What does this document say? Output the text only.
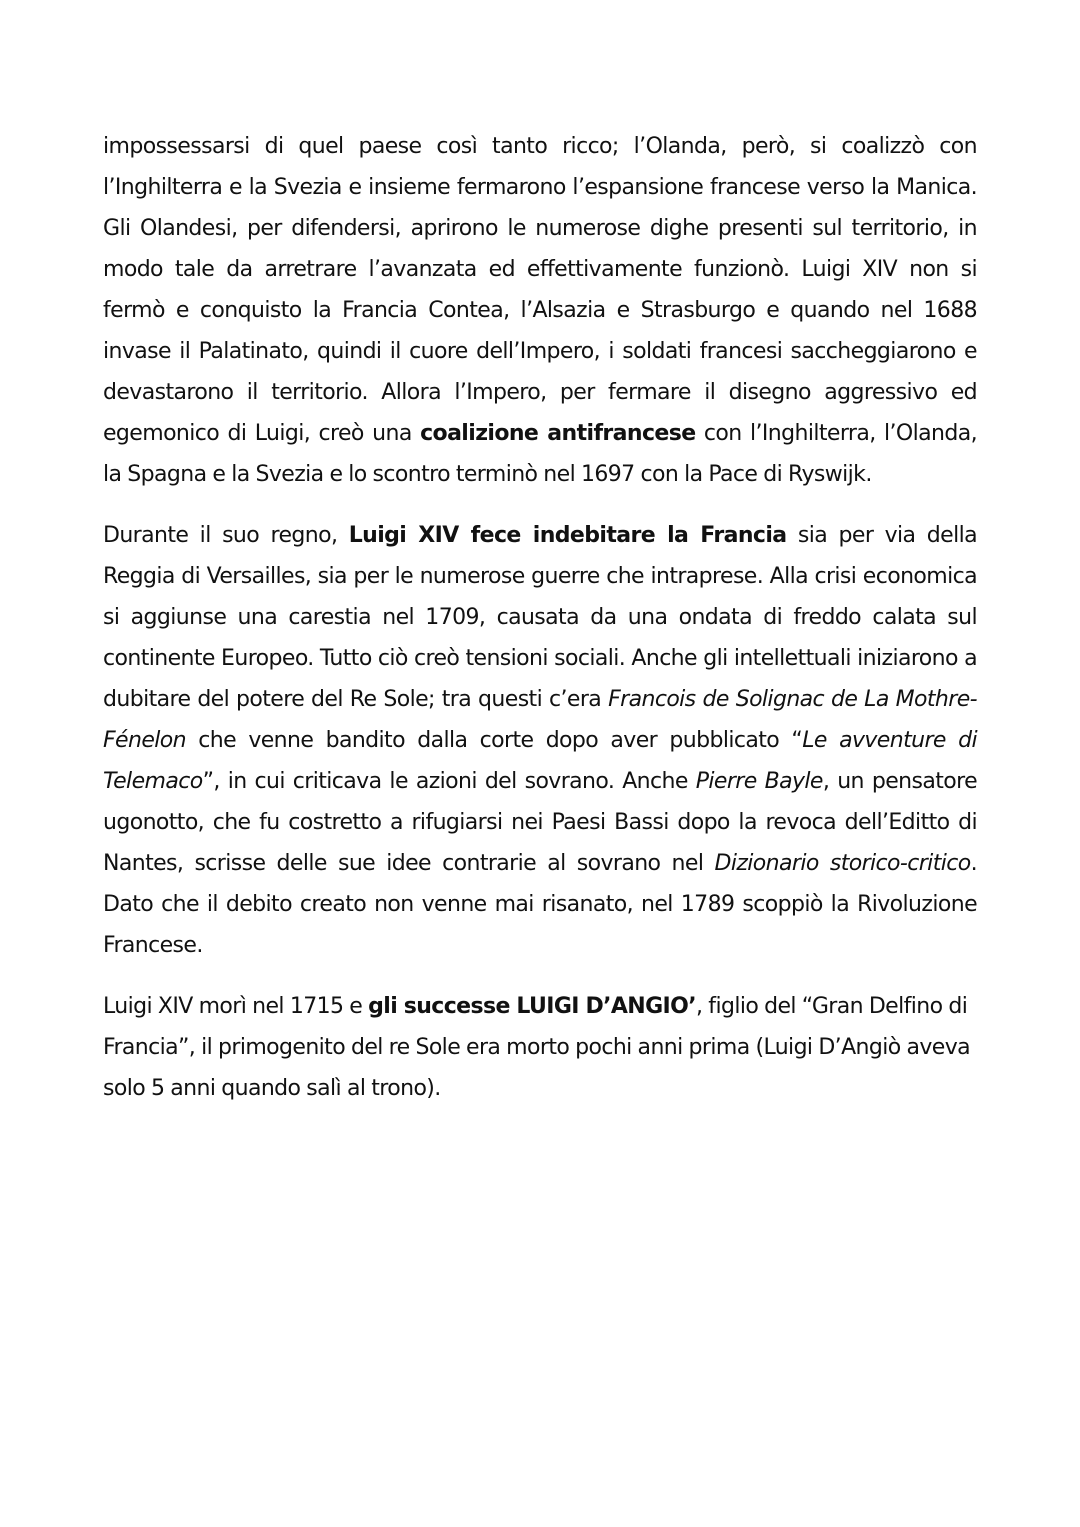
impossessarsi di quel paese così tanto ricco; l’Olanda, però, si coalizzò con l’Inghilterra e la Svezia e insieme fermarono l’espansione francese verso la Manica. Gli Olandesi, per difendersi, aprirono le numerose dighe presenti sul territorio, in modo tale da arretrare l’avanzata ed effettivamente funzionò. Luigi XIV non si fermò e conquisto la Francia Contea, l’Alsazia e Strasburgo e quando nel 1688 invase il Palatinato, quindi il cuore dell’Impero, i soldati francesi saccheggiarono e devastarono il territorio. Allora l’Impero, per fermare il disegno aggressivo ed egemonico di Luigi, creò una coalizione antifrancese con l’Inghilterra, l’Olanda, la Spagna e la Svezia e lo scontro terminò nel 1697 con la Pace di Ryswijk.

Durante il suo regno, Luigi XIV fece indebitare la Francia sia per via della Reggia di Versailles, sia per le numerose guerre che intraprese. Alla crisi economica si aggiunse una carestia nel 1709, causata da una ondata di freddo calata sul continente Europeo. Tutto ciò creò tensioni sociali. Anche gli intellettuali iniziarono a dubitare del potere del Re Sole; tra questi c’era Francois de Solignac de La Mothre-Fénelon che venne bandito dalla corte dopo aver pubblicato “Le avventure di Telemaco”, in cui criticava le azioni del sovrano. Anche Pierre Bayle, un pensatore ugonotto, che fu costretto a rifugiarsi nei Paesi Bassi dopo la revoca dell’Editto di Nantes, scrisse delle sue idee contrarie al sovrano nel Dizionario storico-critico. Dato che il debito creato non venne mai risanato, nel 1789 scoppiò la Rivoluzione Francese.

Luigi XIV morì nel 1715 e gli successe LUIGI D’ANGIO’, figlio del “Gran Delfino di Francia”, il primogenito del re Sole era morto pochi anni prima (Luigi D’Angiò aveva solo 5 anni quando salì al trono).
